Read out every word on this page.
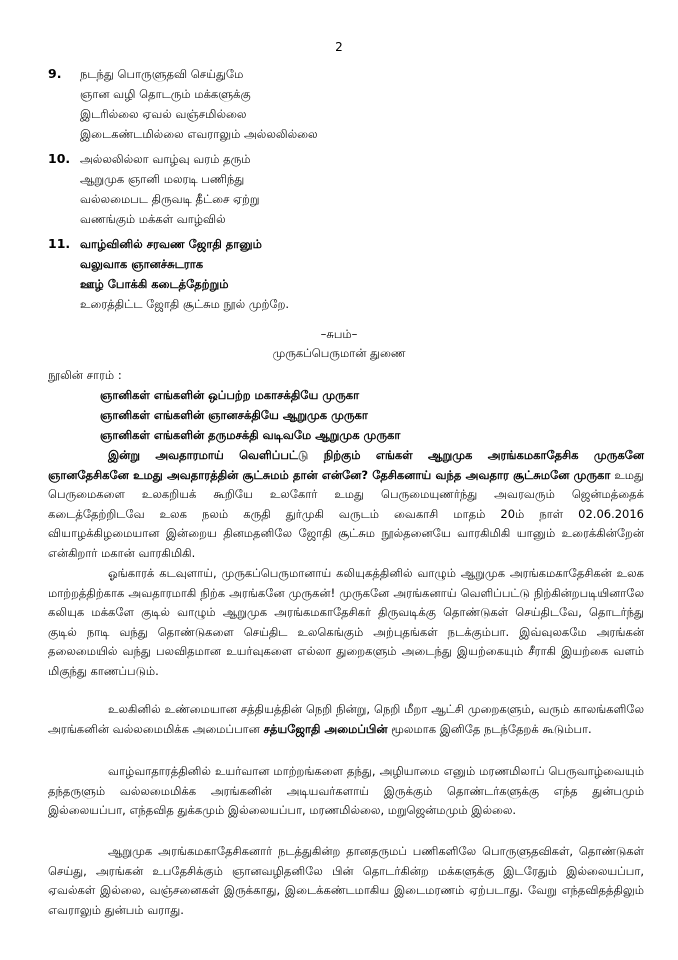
2
9. நடந்து பொருளுதவி செய்துமே
ஞான வழி தொடரும் மக்களுக்கு
இடரில்லை ஏவல் வஞ்சமில்லை
இடைகண்டமில்லை எவராலும் அல்லலில்லை
10. அல்லலில்லா வாழ்வு வரம் தரும்
ஆறுமுக ஞானி மலரடி பணிந்து
வல்லமைபட திருவடி தீட்சை ஏற்று
வணங்கும் மக்கள் வாழ்வில்
11. வாழ்வினில் சரவண ஜோதி தானும்
வலுவாக ஞானச்சுடராக
ஊழ் போக்கி கடைத்தேற்றும்
உரைத்திட்ட ஜோதி சூட்சும நூல் முற்றே.
–சுபம்–
முருகப்பெருமான் துணை
நூலின் சாரம் :
ஞானிகள் எங்களின் ஒப்பற்ற மகாசக்தியே முருகா
ஞானிகள் எங்களின் ஞானசக்தியே ஆறுமுக முருகா
ஞானிகள் எங்களின் தருமசக்தி வடிவமே ஆறுமுக முருகா

இன்று அவதாரமாய் வெளிப்பட்டு நிற்கும் எங்கள் ஆறுமுக அரங்கமகாதேசிக முருகனே ஞானதேசிகனே உமது அவதாரத்தின் சூட்சுமம் தான் என்னே? தேசிகனாய் வந்த அவதார சூட்சுமனே முருகா உமது பெருமைகளை உலகறியக் கூறியே உலகோர் உமது பெருமையுணர்ந்து அவரவரும் ஜென்மத்தைக் கடைத்தேற்றிடவே உலக நலம் கருதி துர்முகி வருடம் வைகாசி மாதம் 20ம் நாள் 02.06.2016 வியாழக்கிழமையான இன்றைய தினமதனிலே ஜோதி சூட்சும நூல்தனையே வாரகிமிகி யானும் உரைக்கின்றேன் என்கிறார் மகான் வாரகிமிகி.

ஓங்காரக் கடவுளாய், முருகப்பெருமானாய் கலியுகத்தினில் வாழும் ஆறுமுக அரங்கமகாதேசிகன் உலக மாற்றத்திற்காக அவதாரமாகி நிற்க அரங்கனே முருகன்! முருகனே அரங்கனாய் வெளிப்பட்டு நிற்கின்றபடியினாலே கலியுக மக்களே குடில் வாழும் ஆறுமுக அரங்கமகாதேசிகர் திருவடிக்கு தொண்டுகள் செய்திடவே, தொடர்ந்து குடில் நாடி வந்து தொண்டுகளை செய்திட உலகெங்கும் அற்புதங்கள் நடக்கும்பா. இவ்வுலகமே அரங்கன் தலைமையில் வந்து பலவிதமான உயர்வுகளை எல்லா துறைகளும் அடைந்து இயற்கையும் சீராகி இயற்கை வளம் மிகுந்து காணப்படும்.

உலகினில் உண்மையான சத்தியத்தின் நெறி நின்று, நெறி மீறா ஆட்சி முறைகளும், வரும் காலங்களிலே அரங்கனின் வல்லமைமிக்க அமைப்பான சத்யஜோதி அமைப்பின் மூலமாக இனிதே நடந்தேறக் கூடும்பா.

வாழ்வாதாரத்தினில் உயர்வான மாற்றங்களை தந்து, அழியாமை எனும் மரணமிலாப் பெருவாழ்வையும் தந்தருளும் வல்லமைமிக்க அரங்கனின் அடியவர்களாய் இருக்கும் தொண்டர்களுக்கு எந்த துன்பமும் இல்லையப்பா, எந்தவித துக்கமும் இல்லையப்பா, மரணமில்லை, மறுஜென்மமும் இல்லை.

ஆறுமுக அரங்கமகாதேசிகனார் நடத்துகின்ற தானதருமப் பணிகளிலே பொருளுதவிகள், தொண்டுகள் செய்து, அரங்கன் உபதேசிக்கும் ஞானவழிதனிலே பின் தொடர்கின்ற மக்களுக்கு இடரேதும் இல்லையப்பா, ஏவல்கள் இல்லை, வஞ்சனைகள் இருக்காது, இடைக்கண்டமாகிய இடைமரணம் ஏற்படாது. வேறு எந்தவிதத்திலும் எவராலும் துன்பம் வராது.
